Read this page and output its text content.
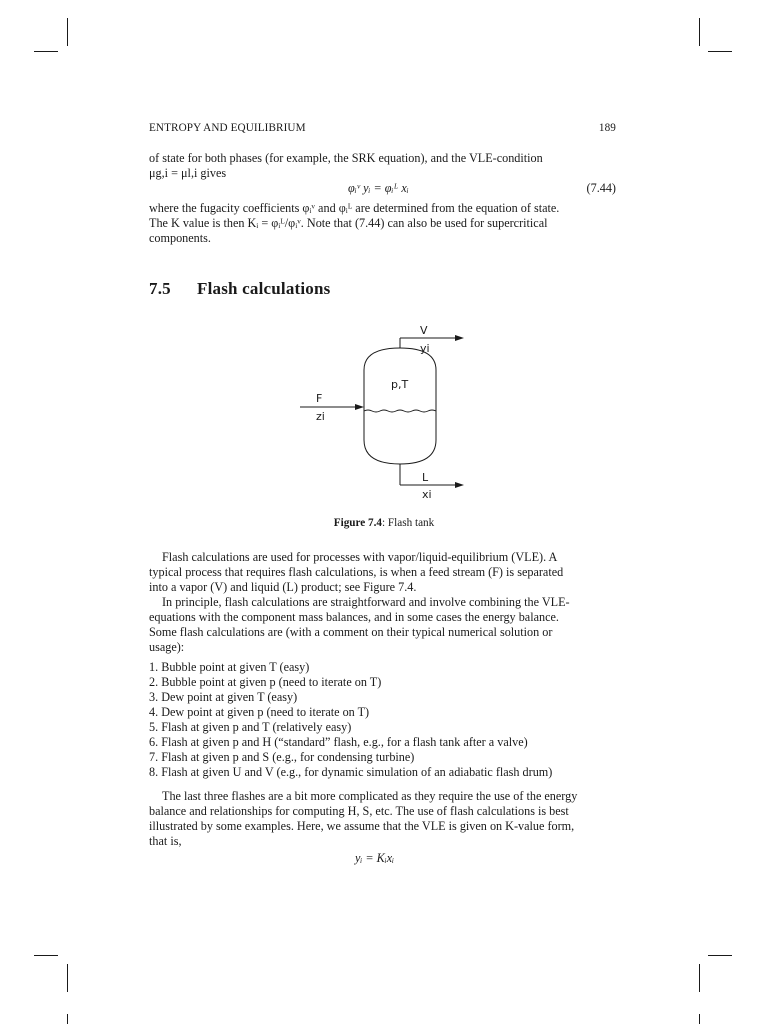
ENTROPY AND EQUILIBRIUM	189
of state for both phases (for example, the SRK equation), and the VLE-condition
μg,i = μl,i gives
φᵢᵛ yᵢ = φᵢᴸ xᵢ	(7.44)
where the fugacity coefficients φᵢᵛ and φᵢᴸ are determined from the equation of state.
The K value is then Kᵢ = φᵢᴸ/φᵢᵛ. Note that (7.44) can also be used for supercritical
components.
7.5 Flash calculations
V
yi
p,T
F
zi
L
xi
Figure 7.4: Flash tank
Flash calculations are used for processes with vapor/liquid-equilibrium (VLE). A
typical process that requires flash calculations, is when a feed stream (F) is separated
into a vapor (V) and liquid (L) product; see Figure 7.4.
In principle, flash calculations are straightforward and involve combining the VLE-
equations with the component mass balances, and in some cases the energy balance.
Some flash calculations are (with a comment on their typical numerical solution or
usage):
1. Bubble point at given T (easy)
2. Bubble point at given p (need to iterate on T)
3. Dew point at given T (easy)
4. Dew point at given p (need to iterate on T)
5. Flash at given p and T (relatively easy)
6. Flash at given p and H (“standard” flash, e.g., for a flash tank after a valve)
7. Flash at given p and S (e.g., for condensing turbine)
8. Flash at given U and V (e.g., for dynamic simulation of an adiabatic flash drum)
The last three flashes are a bit more complicated as they require the use of the energy
balance and relationships for computing H, S, etc. The use of flash calculations is best
illustrated by some examples. Here, we assume that the VLE is given on K-value form,
that is,
yᵢ = Kᵢxᵢ
